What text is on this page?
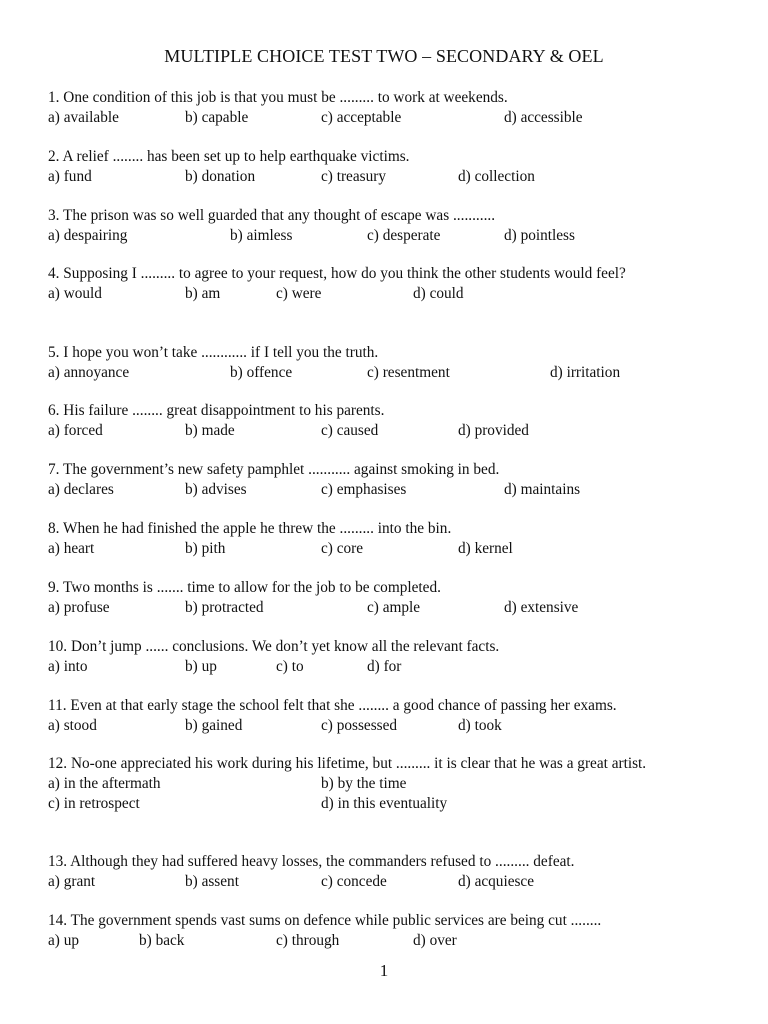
MULTIPLE CHOICE TEST TWO – SECONDARY & OEL
1. One condition of this job is that you must be ......... to work at weekends.
a) available	b) capable	c) acceptable	d) accessible
2. A relief ........ has been set up to help earthquake victims.
a) fund	b) donation	c) treasury	d) collection
3. The prison was so well guarded that any thought of escape was ...........
a) despairing	b) aimless	c) desperate	d) pointless
4. Supposing I ......... to agree to your request, how do you think the other students would feel?
a) would	b) am	c) were	d) could
5. I hope you won’t take ............ if I tell you the truth.
a) annoyance	b) offence	c) resentment	d) irritation
6. His failure ........ great disappointment to his parents.
a) forced	b) made	c) caused	d) provided
7. The government’s new safety pamphlet ........... against smoking in bed.
a) declares	b) advises	c) emphasises	d) maintains
8. When he had finished the apple he threw the ......... into the bin.
a) heart	b) pith	c) core	d) kernel
9. Two months is ....... time to allow for the job to be completed.
a) profuse	b) protracted	c) ample	d) extensive
10. Don’t jump ...... conclusions. We don’t yet know all the relevant facts.
a) into	b) up	c) to	d) for
11. Even at that early stage the school felt that she ........ a good chance of passing her exams.
a) stood	b) gained	c) possessed	d) took
12. No-one appreciated his work during his lifetime, but ......... it is clear that he was a great artist.
a) in the aftermath	b) by the time
c) in retrospect	d) in this eventuality
13. Although they had suffered heavy losses, the commanders refused to ......... defeat.
a) grant	b) assent	c) concede	d) acquiesce
14. The government spends vast sums on defence while public services are being cut ........
a) up	b) back	c) through	d) over
1
